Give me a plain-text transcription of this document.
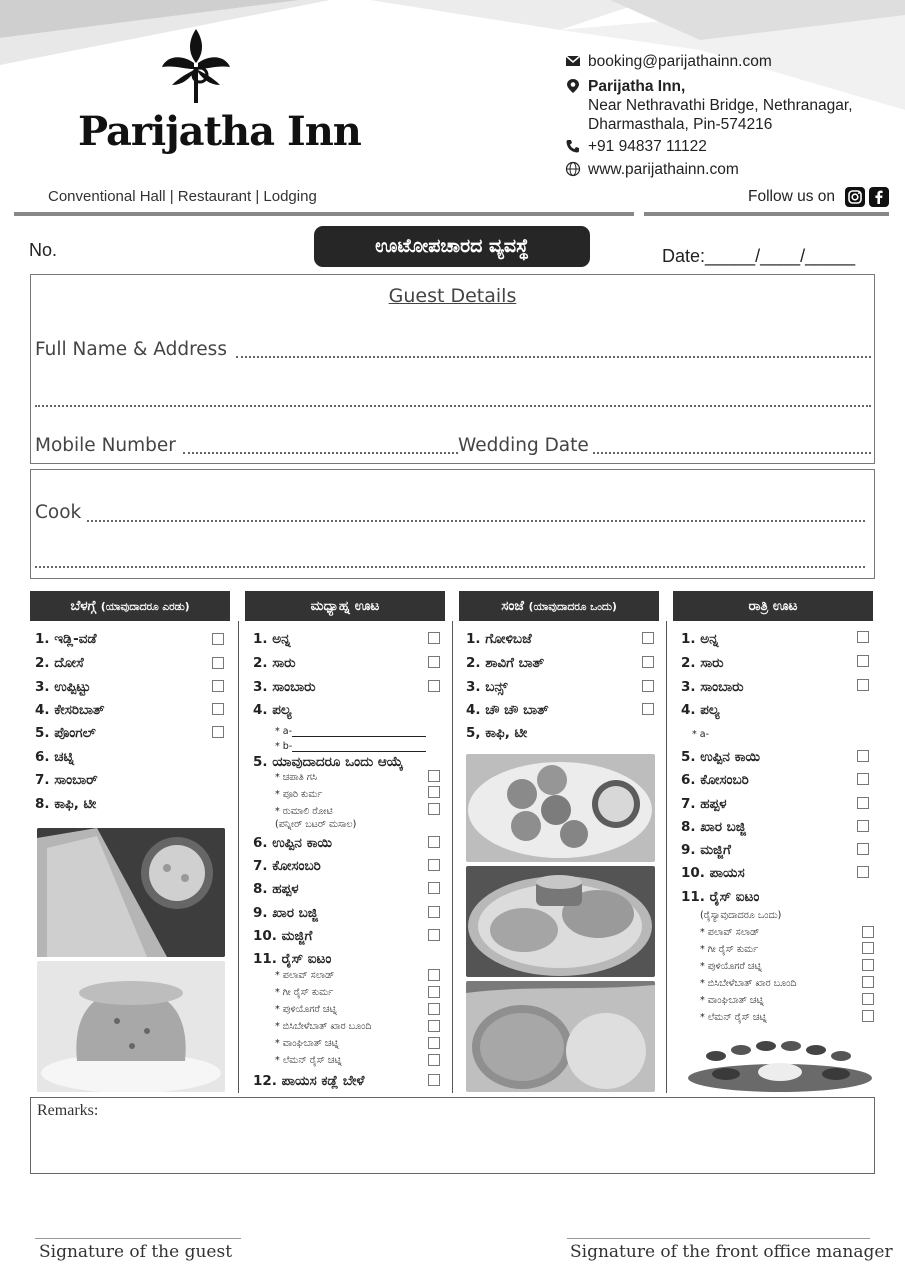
Parijatha Inn
Conventional Hall | Restaurant | Lodging
booking@parijathainn.com
Parijatha Inn,
Near Nethravathi Bridge, Nethranagar,
Dharmasthala, Pin-574216
+91 94837 11122
www.parijathainn.com
Follow us on
No.	ಊಟೋಪಚಾರದ ವ್ಯವಸ್ಥೆ	Date:_____/____/_____
Guest Details
Full Name & Address
Mobile Number	Wedding Date
Cook
ಬೆಳಗ್ಗೆ (ಯಾವುದಾದರೂ ಎರಡು)	ಮಧ್ಯಾಹ್ನ ಊಟ	ಸಂಜೆ (ಯಾವುದಾದರೂ ಒಂದು)	ರಾತ್ರಿ ಊಟ
1. ಇಡ್ಲಿ-ವಡೆ
2. ದೋಸೆ
3. ಉಪ್ಪಿಟ್ಟು
4. ಕೇಸರಿಬಾತ್
5. ಪೊಂಗಲ್
6. ಚಟ್ನಿ
7. ಸಾಂಬಾರ್
8. ಕಾಫಿ, ಟೀ
1. ಅನ್ನ
2. ಸಾರು
3. ಸಾಂಬಾರು
4. ಪಲ್ಯ
* a-
* b-
5. ಯಾವುದಾದರೂ ಒಂದು ಆಯ್ಕೆ
* ಚಪಾತಿ ಗಸಿ
* ಪೂರಿ ಕುರ್ಮ
* ರುಮಾಲಿ ರೋಟಿ
(ಪನ್ನೀರ್ ಬಟರ್ ಮಸಾಲ)
6. ಉಪ್ಪಿನ ಕಾಯಿ
7. ಕೋಸಂಬರಿ
8. ಹಪ್ಪಳ
9. ಖಾರ ಬಜ್ಜಿ
10. ಮಜ್ಜಿಗೆ
11. ರೈಸ್ ಐಟಂ
* ಪಲಾವ್ ಸಲಾಡ್
* ಗೀ ರೈಸ್ ಕುರ್ಮ
* ಪುಳಿಯೊಗರೆ ಚಟ್ನಿ
* ಬಿಸಿಬೇಳೆಬಾತ್ ಖಾರ ಬೂಂದಿ
* ವಾಂಘಿಬಾತ್ ಚಟ್ನಿ
* ಲೆಮನ್ ರೈಸ್ ಚಟ್ನಿ
12. ಪಾಯಸ ಕಡ್ಲೆ ಬೇಳೆ
1. ಗೋಳಿಬಜೆ
2. ಶಾವಿಗೆ ಬಾತ್
3. ಬನ್ಸ್
4. ಚೌ ಚೌ ಬಾತ್
5, ಕಾಫಿ, ಟೀ
1. ಅನ್ನ
2. ಸಾರು
3. ಸಾಂಬಾರು
4. ಪಲ್ಯ
* a-
5. ಉಪ್ಪಿನ ಕಾಯಿ
6. ಕೋಸಂಬರಿ
7. ಹಪ್ಪಳ
8. ಖಾರ ಬಜ್ಜಿ
9. ಮಜ್ಜಿಗೆ
10. ಪಾಯಸ
11. ರೈಸ್ ಐಟಂ
(ರೈಸ್ಯಾವುದಾದರೂ ಒಂದು)
* ಪಲಾವ್ ಸಲಾಡ್
* ಗೀ ರೈಸ್ ಕುರ್ಮ
* ಪುಳಿಯೊಗರೆ ಚಟ್ನಿ
* ಬಿಸಿಬೇಳೆಬಾತ್ ಖಾರ ಬೂಂದಿ
* ವಾಂಘಿಬಾತ್ ಚಟ್ನಿ
* ಲೆಮನ್ ರೈಸ್ ಚಟ್ನಿ
Remarks:
Signature of the guest	Signature of the front office manager
